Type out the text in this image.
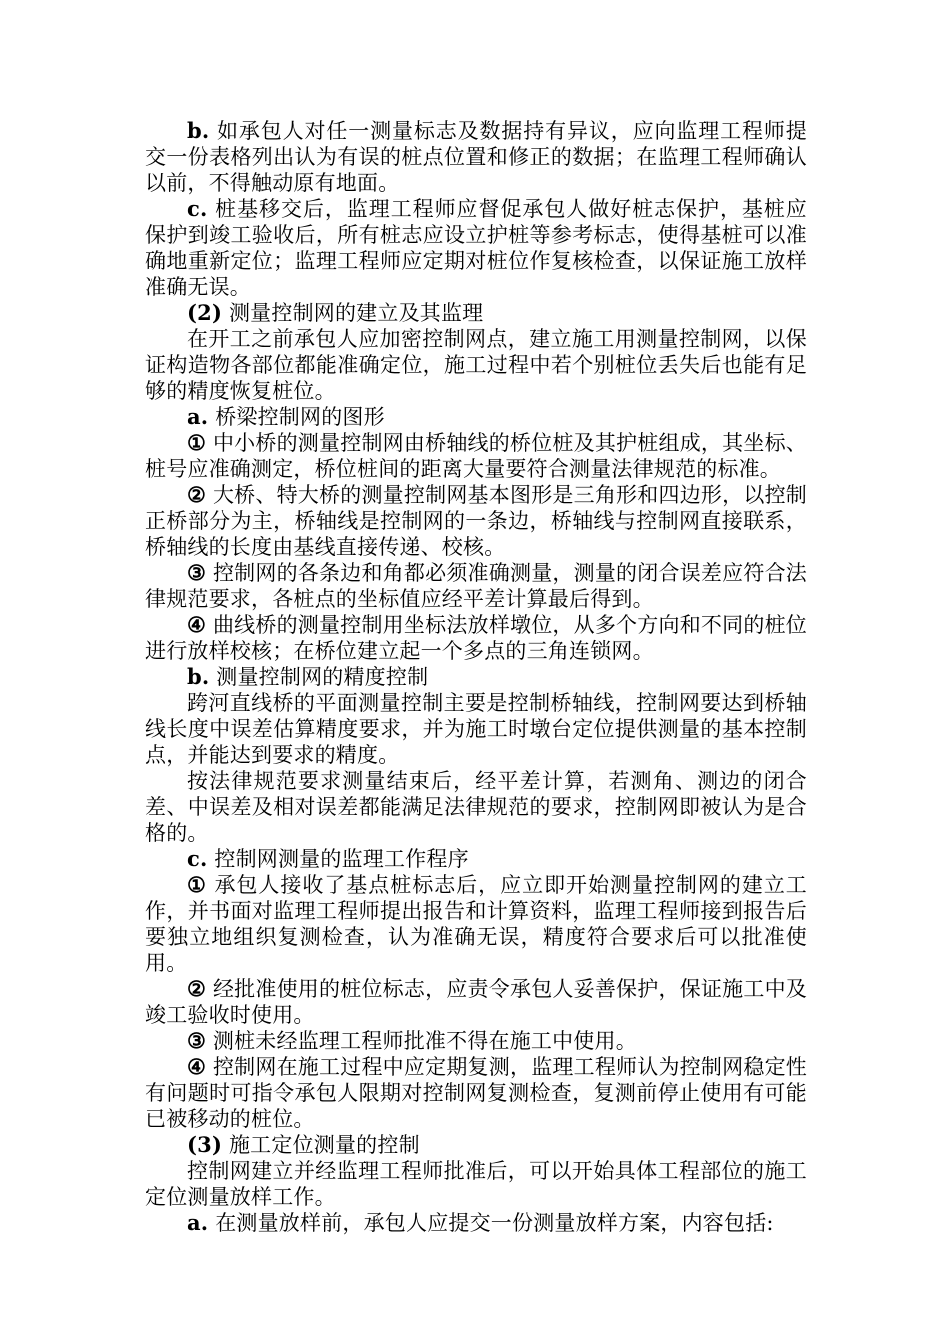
b. 如承包人对任一测量标志及数据持有异议，应向监理工程师提交一份表格列出认为有误的桩点位置和修正的数据；在监理工程师确认以前，不得触动原有地面。

c. 桩基移交后，监理工程师应督促承包人做好桩志保护，基桩应保护到竣工验收后，所有桩志应设立护桩等参考标志，使得基桩可以准确地重新定位；监理工程师应定期对桩位作复核检查，以保证施工放样准确无误。

(2) 测量控制网的建立及其监理

在开工之前承包人应加密控制网点，建立施工用测量控制网，以保证构造物各部位都能准确定位，施工过程中若个别桩位丢失后也能有足够的精度恢复桩位。

a. 桥梁控制网的图形

① 中小桥的测量控制网由桥轴线的桥位桩及其护桩组成，其坐标、桩号应准确测定，桥位桩间的距离大量要符合测量法律规范的标准。

② 大桥、特大桥的测量控制网基本图形是三角形和四边形，以控制正桥部分为主，桥轴线是控制网的一条边，桥轴线与控制网直接联系，桥轴线的长度由基线直接传递、校核。

③ 控制网的各条边和角都必须准确测量，测量的闭合误差应符合法律规范要求，各桩点的坐标值应经平差计算最后得到。

④ 曲线桥的测量控制用坐标法放样墩位，从多个方向和不同的桩位进行放样校核；在桥位建立起一个多点的三角连锁网。

b. 测量控制网的精度控制

跨河直线桥的平面测量控制主要是控制桥轴线，控制网要达到桥轴线长度中误差估算精度要求，并为施工时墩台定位提供测量的基本控制点，并能达到要求的精度。

按法律规范要求测量结束后，经平差计算，若测角、测边的闭合差、中误差及相对误差都能满足法律规范的要求，控制网即被认为是合格的。

c. 控制网测量的监理工作程序

① 承包人接收了基点桩标志后，应立即开始测量控制网的建立工作，并书面对监理工程师提出报告和计算资料，监理工程师接到报告后要独立地组织复测检查，认为准确无误，精度符合要求后可以批准使用。

② 经批准使用的桩位标志，应责令承包人妥善保护，保证施工中及竣工验收时使用。

③ 测桩未经监理工程师批准不得在施工中使用。

④ 控制网在施工过程中应定期复测，监理工程师认为控制网稳定性有问题时可指令承包人限期对控制网复测检查，复测前停止使用有可能已被移动的桩位。

(3) 施工定位测量的控制

控制网建立并经监理工程师批准后，可以开始具体工程部位的施工定位测量放样工作。

a. 在测量放样前，承包人应提交一份测量放样方案，内容包括:
